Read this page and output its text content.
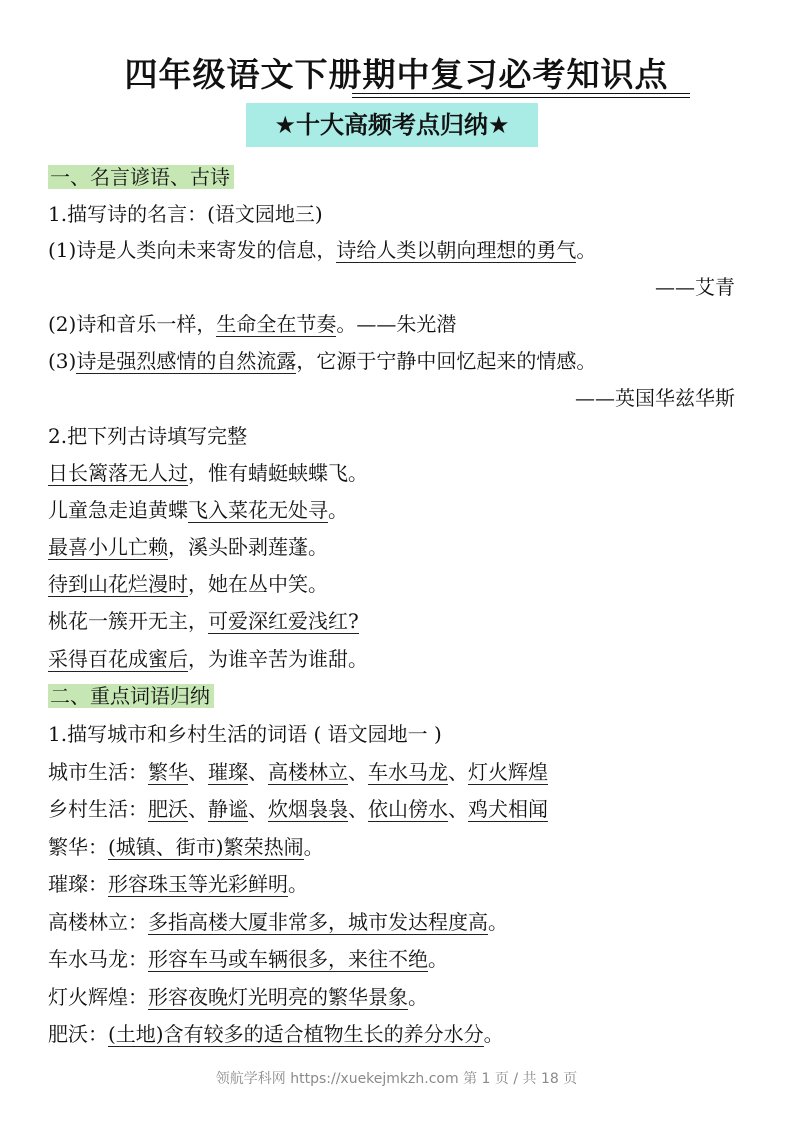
四年级语文下册期中复习必考知识点
★十大高频考点归纳★
一、名言谚语、古诗
1.描写诗的名言：(语文园地三)
(1)诗是人类向未来寄发的信息，诗给人类以朝向理想的勇气。
——艾青
(2)诗和音乐一样，生命全在节奏。——朱光潜
(3)诗是强烈感情的自然流露，它源于宁静中回忆起来的情感。
——英国华兹华斯
2.把下列古诗填写完整
日长篱落无人过，惟有蜻蜓蛱蝶飞。
儿童急走追黄蝶飞入菜花无处寻。
最喜小儿亡赖，溪头卧剥莲蓬。
待到山花烂漫时，她在丛中笑。
桃花一簇开无主，可爱深红爱浅红?
采得百花成蜜后，为谁辛苦为谁甜。
二、重点词语归纳
1.描写城市和乡村生活的词语 ( 语文园地一 )
城市生活：繁华、璀璨、高楼林立、车水马龙、灯火辉煌
乡村生活：肥沃、静谧、炊烟袅袅、依山傍水、鸡犬相闻
繁华：(城镇、街市)繁荣热闹。
璀璨：形容珠玉等光彩鲜明。
高楼林立：多指高楼大厦非常多，城市发达程度高。
车水马龙：形容车马或车辆很多，来往不绝。
灯火辉煌：形容夜晚灯光明亮的繁华景象。
肥沃：(土地)含有较多的适合植物生长的养分水分。
领航学科网 https://xuekejmkzh.com 第 1 页 / 共 18 页
